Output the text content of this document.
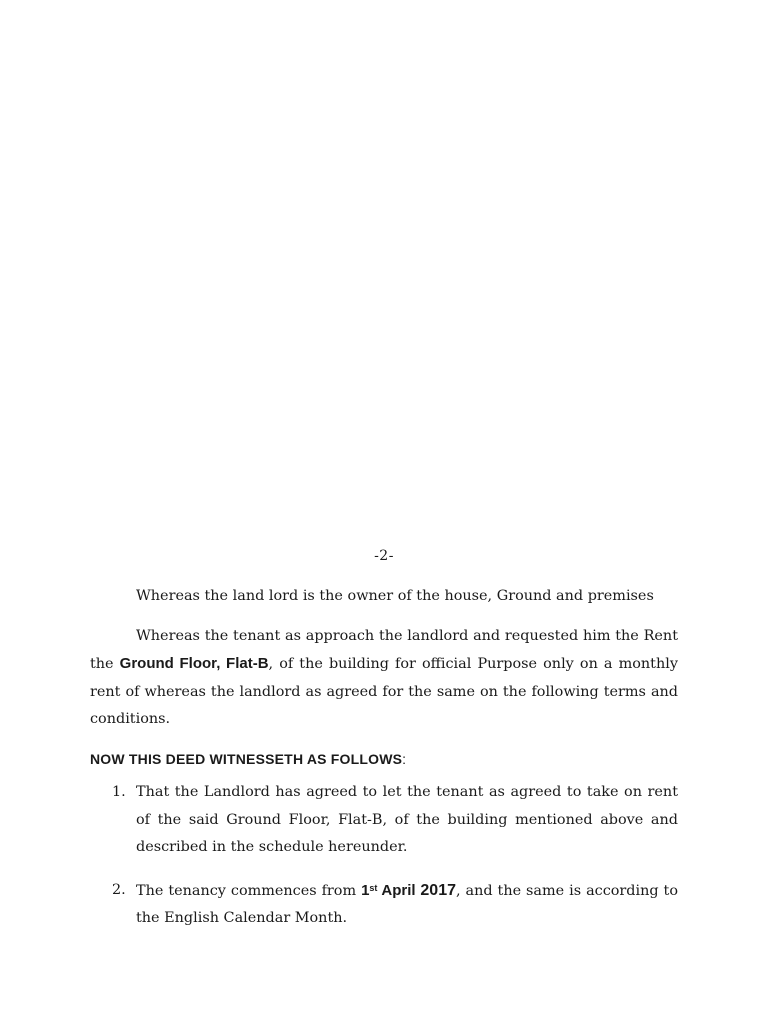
-2-

Whereas the land lord is the owner of the house, Ground and premises

Whereas the tenant as approach the landlord and requested him the Rent the Ground Floor, Flat-B, of the building for official Purpose only on a monthly rent of whereas the landlord as agreed for the same on the following terms and conditions.

NOW THIS DEED WITNESSETH AS FOLLOWS:
1. That the Landlord has agreed to let the tenant as agreed to take on rent of the said Ground Floor, Flat-B, of the building mentioned above and described in the schedule hereunder.
2. The tenancy commences from 1st April 2017, and the same is according to the English Calendar Month.
